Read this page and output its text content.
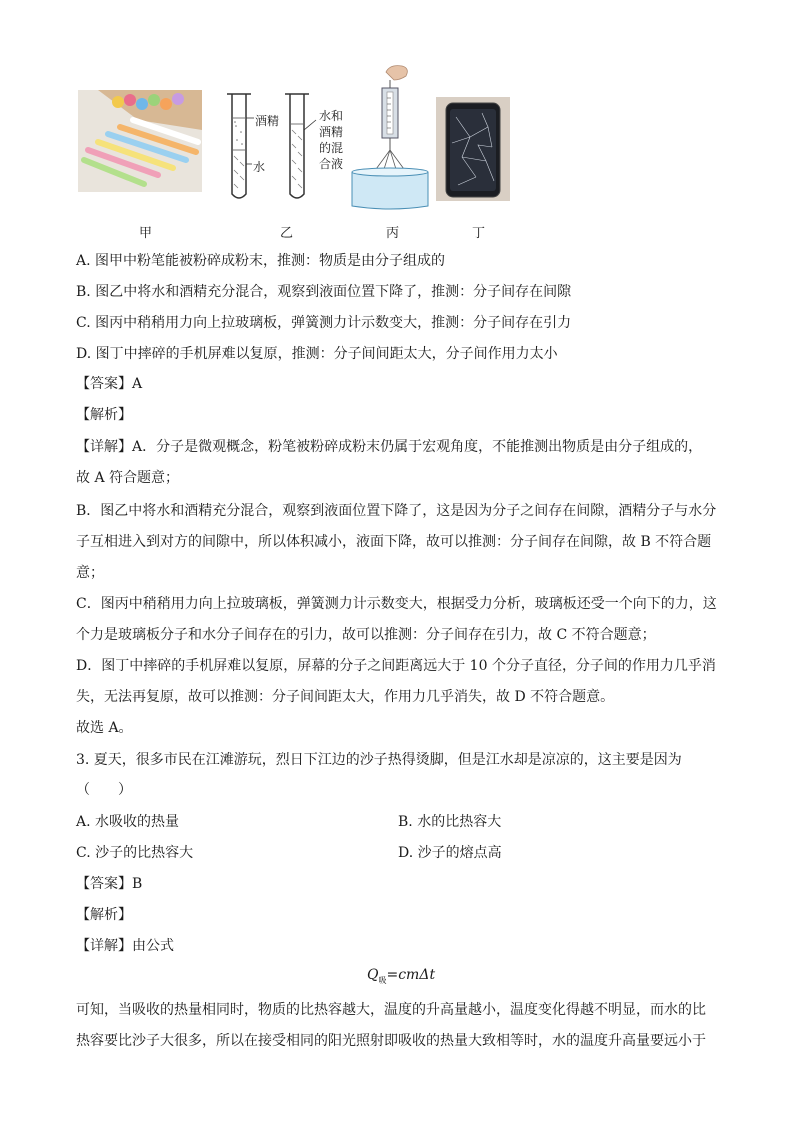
酒精
水
水和
酒精
的混
合液
甲	乙	丙	丁
A. 图甲中粉笔能被粉碎成粉末，推测：物质是由分子组成的
B. 图乙中将水和酒精充分混合，观察到液面位置下降了，推测：分子间存在间隙
C. 图丙中稍稍用力向上拉玻璃板，弹簧测力计示数变大，推测：分子间存在引力
D. 图丁中摔碎的手机屏难以复原，推测：分子间间距太大，分子间作用力太小
【答案】A
【解析】
【详解】A．分子是微观概念，粉笔被粉碎成粉末仍属于宏观角度，不能推测出物质是由分子组成的，
故 A 符合题意；
B．图乙中将水和酒精充分混合，观察到液面位置下降了，这是因为分子之间存在间隙，酒精分子与水分
子互相进入到对方的间隙中，所以体积减小，液面下降，故可以推测：分子间存在间隙，故 B 不符合题
意；
C．图丙中稍稍用力向上拉玻璃板，弹簧测力计示数变大，根据受力分析，玻璃板还受一个向下的力，这
个力是玻璃板分子和水分子间存在的引力，故可以推测：分子间存在引力，故 C 不符合题意；
D．图丁中摔碎的手机屏难以复原，屏幕的分子之间距离远大于 10 个分子直径，分子间的作用力几乎消
失，无法再复原，故可以推测：分子间间距太大，作用力几乎消失，故 D 不符合题意。
故选 A。
3. 夏天，很多市民在江滩游玩，烈日下江边的沙子热得烫脚，但是江水却是凉凉的，这主要是因为
（　　）
A. 水吸收的热量	B. 水的比热容大
C. 沙子的比热容大	D. 沙子的熔点高
【答案】B
【解析】
【详解】由公式
$Q_吸=cm\Delta t$
可知，当吸收的热量相同时，物质的比热容越大，温度的升高量越小，温度变化得越不明显，而水的比
热容要比沙子大很多，所以在接受相同的阳光照射即吸收的热量大致相等时，水的温度升高量要远小于
